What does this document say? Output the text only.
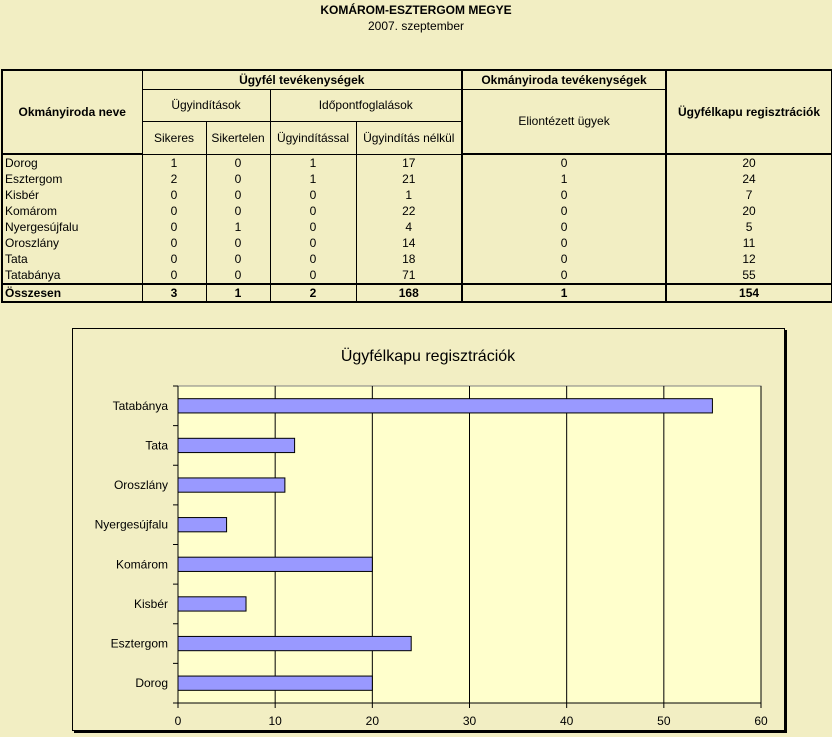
KOMÁROM-ESZTERGOM MEGYE
2007. szeptember
Okmányiroda neve	Ügyfél tevékenységek				Okmányiroda tevékenységek	Ügyfélkapu regisztrációk
	Ügyindítások		Időpontfoglalások		Eliontézett ügyek	
	Sikeres	Sikertelen	Ügyindítással	Ügyindítás nélkül		
Dorog	1	0	1	17	0	20
Esztergom	2	0	1	21	1	24
Kisbér	0	0	0	1	0	7
Komárom	0	0	0	22	0	20
Nyergesújfalu	0	1	0	4	0	5
Oroszlány	0	0	0	14	0	11
Tata	0	0	0	18	0	12
Tatabánya	0	0	0	71	0	55
Összesen	3	1	2	168	1	154
Ügyfélkapu regisztrációk
0	10	20	30	40	50	60
Dorog
Esztergom
Kisbér
Komárom
Nyergesújfalu
Oroszlány
Tata
Tatabánya
